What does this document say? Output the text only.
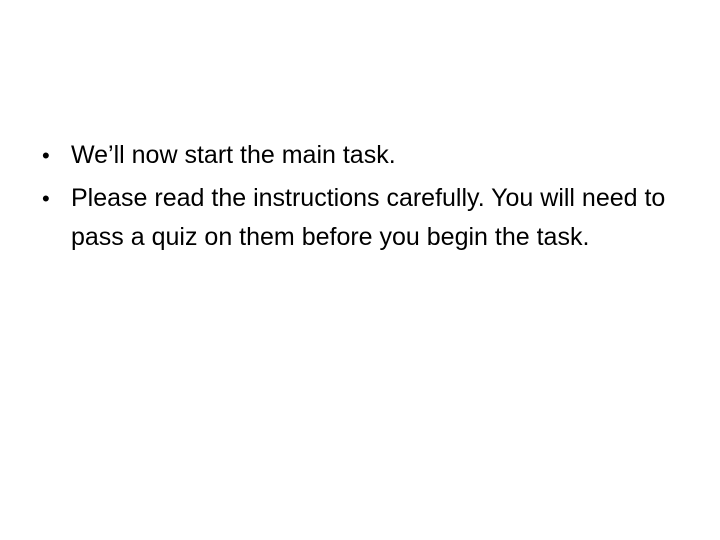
• We’ll now start the main task.
• Please read the instructions carefully. You will need to pass a quiz on them before you begin the task.
